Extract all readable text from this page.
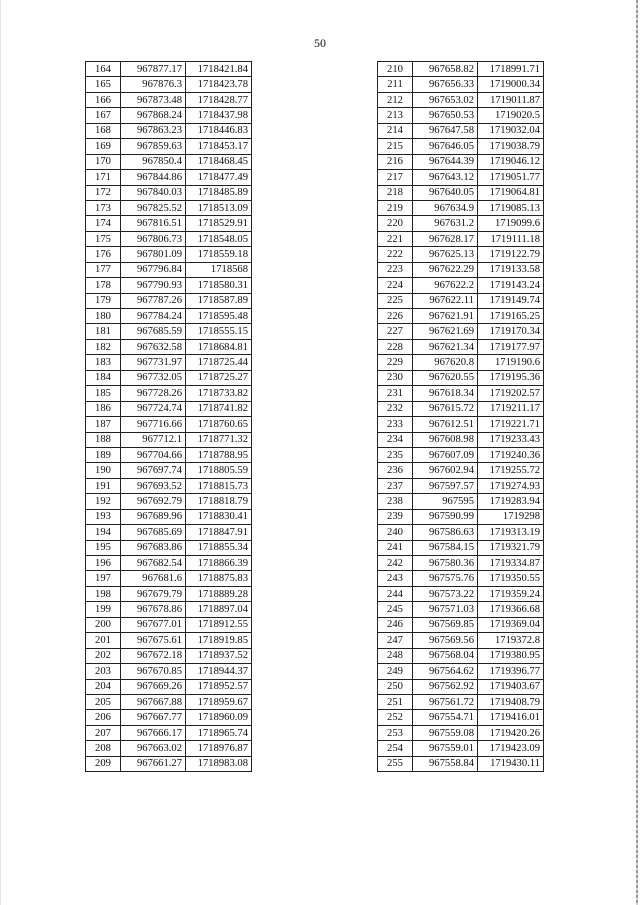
50
164	967877.17	1718421.84
165	967876.3	1718423.78
166	967873.48	1718428.77
167	967868.24	1718437.98
168	967863.23	1718446.83
169	967859.63	1718453.17
170	967850.4	1718468.45
171	967844.86	1718477.49
172	967840.03	1718485.89
173	967825.52	1718513.09
174	967816.51	1718529.91
175	967806.73	1718548.05
176	967801.09	1718559.18
177	967796.84	1718568
178	967790.93	1718580.31
179	967787.26	1718587.89
180	967784.24	1718595.48
181	967685.59	1718555.15
182	967632.58	1718684.81
183	967731.97	1718725.44
184	967732.05	1718725.27
185	967728.26	1718733.82
186	967724.74	1718741.82
187	967716.66	1718760.65
188	967712.1	1718771.32
189	967704.66	1718788.95
190	967697.74	1718805.59
191	967693.52	1718815.73
192	967692.79	1718818.79
193	967689.96	1718830.41
194	967685.69	1718847.91
195	967683.86	1718855.34
196	967682.54	1718866.39
197	967681.6	1718875.83
198	967679.79	1718889.28
199	967678.86	1718897.04
200	967677.01	1718912.55
201	967675.61	1718919.85
202	967672.18	1718937.52
203	967670.85	1718944.37
204	967669.26	1718952.57
205	967667.88	1718959.67
206	967667.77	1718960.09
207	967666.17	1718965.74
208	967663.02	1718976.87
209	967661.27	1718983.08
210	967658.82	1718991.71
211	967656.33	1719000.34
212	967653.02	1719011.87
213	967650.53	1719020.5
214	967647.58	1719032.04
215	967646.05	1719038.79
216	967644.39	1719046.12
217	967643.12	1719051.77
218	967640.05	1719064.81
219	967634.9	1719085.13
220	967631.2	1719099.6
221	967628.17	1719111.18
222	967625.13	1719122.79
223	967622.29	1719133.58
224	967622.2	1719143.24
225	967622.11	1719149.74
226	967621.91	1719165.25
227	967621.69	1719170.34
228	967621.34	1719177.97
229	967620.8	1719190.6
230	967620.55	1719195.36
231	967618.34	1719202.57
232	967615.72	1719211.17
233	967612.51	1719221.71
234	967608.98	1719233.43
235	967607.09	1719240.36
236	967602.94	1719255.72
237	967597.57	1719274.93
238	967595	1719283.94
239	967590.99	1719298
240	967586.63	1719313.19
241	967584.15	1719321.79
242	967580.36	1719334.87
243	967575.76	1719350.55
244	967573.22	1719359.24
245	967571.03	1719366.68
246	967569.85	1719369.04
247	967569.56	1719372.8
248	967568.04	1719380.95
249	967564.62	1719396.77
250	967562.92	1719403.67
251	967561.72	1719408.79
252	967554.71	1719416.01
253	967559.08	1719420.26
254	967559.01	1719423.09
255	967558.84	1719430.11
